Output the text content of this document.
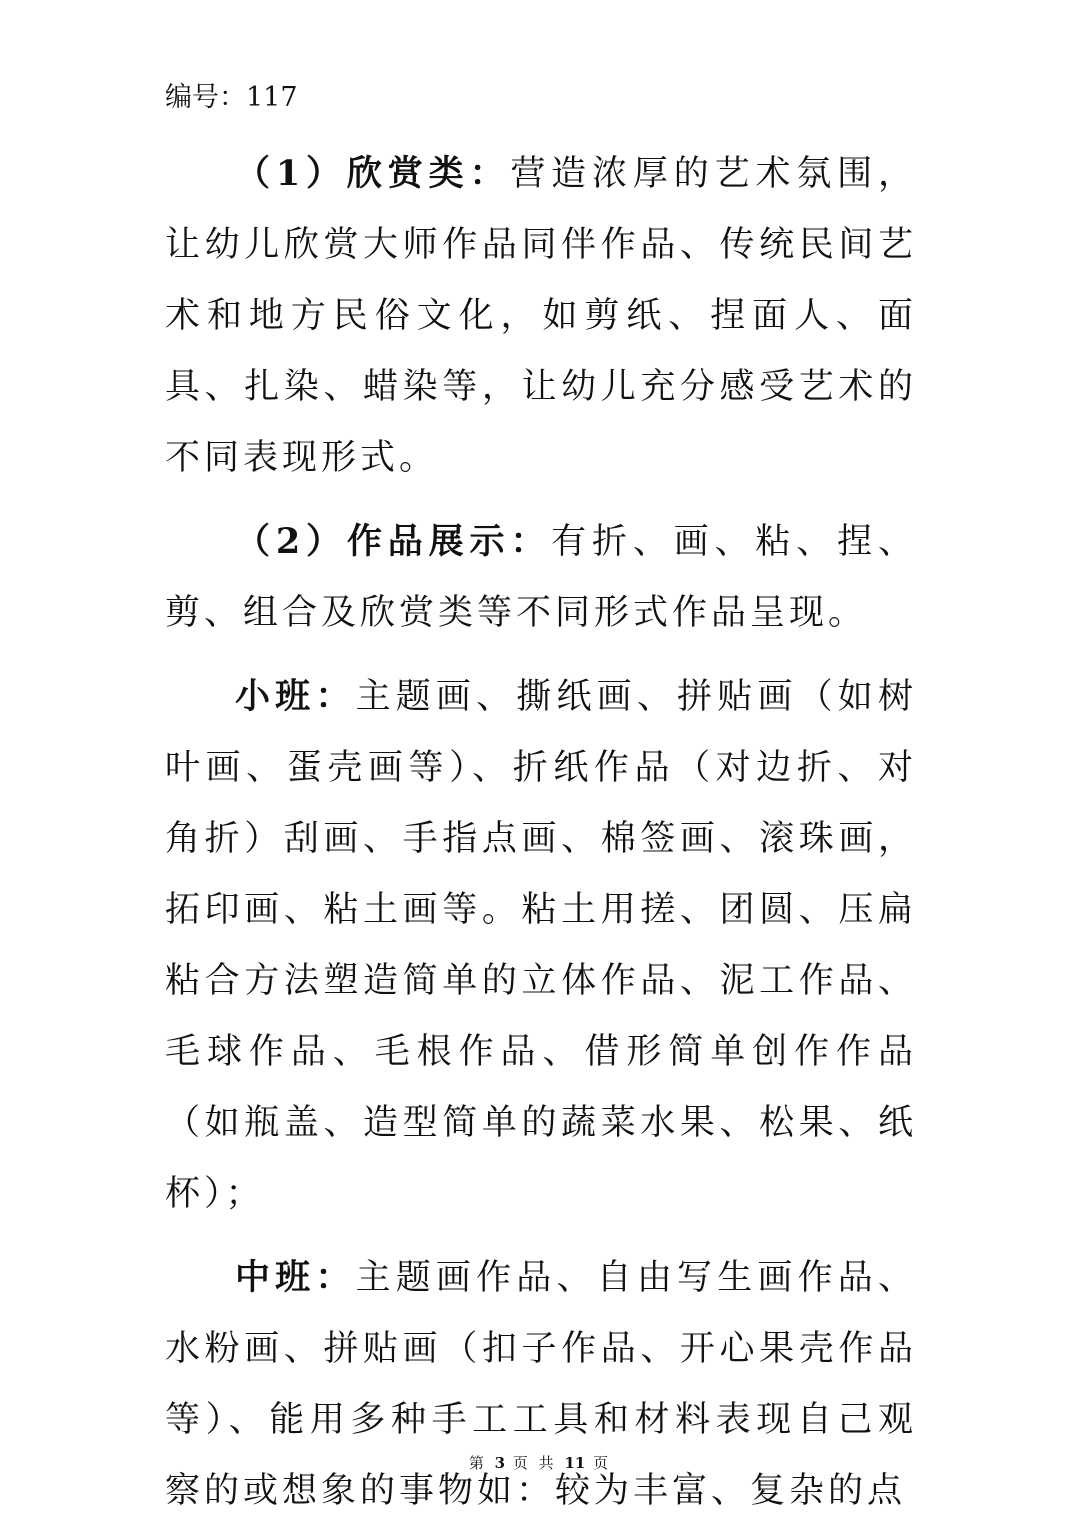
编号：117

（1）欣赏类：营造浓厚的艺术氛围，让幼儿欣赏大师作品同伴作品、传统民间艺术和地方民俗文化，如剪纸、捏面人、面具、扎染、蜡染等，让幼儿充分感受艺术的不同表现形式。

（2）作品展示：有折、画、粘、捏、剪、组合及欣赏类等不同形式作品呈现。

小班：主题画、撕纸画、拼贴画（如树叶画、蛋壳画等）、折纸作品（对边折、对角折）刮画、手指点画、棉签画、滚珠画，拓印画、粘土画等。粘土用搓、团圆、压扁粘合方法塑造简单的立体作品、泥工作品、毛球作品、毛根作品、借形简单创作作品（如瓶盖、造型简单的蔬菜水果、松果、纸杯）；

中班：主题画作品、自由写生画作品、水粉画、拼贴画（扣子作品、开心果壳作品等）、能用多种手工工具和材料表现自己观察的或想象的事物如：较为丰富、复杂的点

第 3 页 共 11 页
